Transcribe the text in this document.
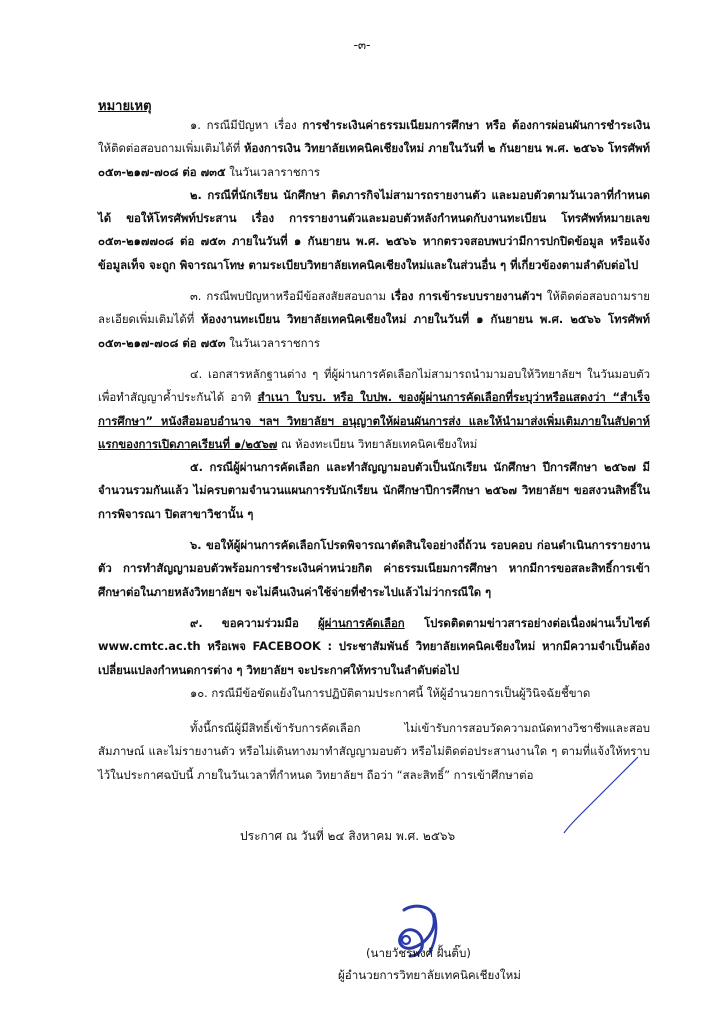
-๓-
หมายเหตุ

๑. กรณีมีปัญหา เรื่อง การชำระเงินค่าธรรมเนียมการศึกษา หรือ ต้องการผ่อนผันการชำระเงินให้ติดต่อสอบถามเพิ่มเติมได้ที่ ห้องการเงิน วิทยาลัยเทคนิคเชียงใหม่ ภายในวันที่ ๒ กันยายน พ.ศ. ๒๕๖๖ โทรศัพท์ ๐๕๓-๒๑๗-๗๐๘ ต่อ ๗๓๕ ในวันเวลาราชการ

๒. กรณีที่นักเรียน นักศึกษา ติดภารกิจไม่สามารถรายงานตัว และมอบตัวตามวันเวลาที่กำหนดได้ ขอให้โทรศัพท์ประสาน เรื่อง การรายงานตัวและมอบตัวหลังกำหนดกับงานทะเบียน โทรศัพท์หมายเลข ๐๕๓-๒๑๗๗๐๘ ต่อ ๗๕๓ ภายในวันที่ ๑ กันยายน พ.ศ. ๒๕๖๖ หากตรวจสอบพบว่ามีการปกปิดข้อมูล หรือแจ้งข้อมูลเท็จ จะถูก พิจารณาโทษ ตามระเบียบวิทยาลัยเทคนิคเชียงใหม่และในส่วนอื่น ๆ ที่เกี่ยวข้องตามลำดับต่อไป

๓. กรณีพบปัญหาหรือมีข้อสงสัยสอบถาม เรื่อง การเข้าระบบรายงานตัวฯ ให้ติดต่อสอบถามรายละเอียดเพิ่มเติมได้ที่ ห้องงานทะเบียน วิทยาลัยเทคนิคเชียงใหม่ ภายในวันที่ ๑ กันยายน พ.ศ. ๒๕๖๖ โทรศัพท์ ๐๕๓-๒๑๗-๗๐๘ ต่อ ๗๕๓ ในวันเวลาราชการ

๔. เอกสารหลักฐานต่าง ๆ ที่ผู้ผ่านการคัดเลือกไม่สามารถนำมามอบให้วิทยาลัยฯ ในวันมอบตัวเพื่อทำสัญญาค้ำประกันได้ อาทิ สำเนา ใบรบ. หรือ ใบปพ. ของผู้ผ่านการคัดเลือกที่ระบุว่าหรือแสดงว่า “สำเร็จการศึกษา” หนังสือมอบอำนาจ ฯลฯ วิทยาลัยฯ อนุญาตให้ผ่อนผันการส่ง และให้นำมาส่งเพิ่มเติมภายในสัปดาห์แรกของการเปิดภาคเรียนที่ ๑/๒๕๖๗ ณ ห้องทะเบียน วิทยาลัยเทคนิคเชียงใหม่

๕. กรณีผู้ผ่านการคัดเลือก และทำสัญญามอบตัวเป็นนักเรียน นักศึกษา ปีการศึกษา ๒๕๖๗ มีจำนวนรวมกันแล้ว ไม่ครบตามจำนวนแผนการรับนักเรียน นักศึกษาปีการศึกษา ๒๕๖๗ วิทยาลัยฯ ขอสงวนสิทธิ์ในการพิจารณา ปิดสาขาวิชานั้น ๆ

๖. ขอให้ผู้ผ่านการคัดเลือกโปรดพิจารณาตัดสินใจอย่างถี่ถ้วน รอบคอบ ก่อนดำเนินการรายงานตัว การทำสัญญามอบตัวพร้อมการชำระเงินค่าหน่วยกิต ค่าธรรมเนียมการศึกษา หากมีการขอสละสิทธิ์การเข้าศึกษาต่อในภายหลังวิทยาลัยฯ จะไม่คืนเงินค่าใช้จ่ายที่ชำระไปแล้วไม่ว่ากรณีใด ๆ

๙. ขอความร่วมมือ ผู้ผ่านการคัดเลือก โปรดติดตามข่าวสารอย่างต่อเนื่องผ่านเว็บไซต์ www.cmtc.ac.th หรือเพจ FACEBOOK : ประชาสัมพันธ์ วิทยาลัยเทคนิคเชียงใหม่ หากมีความจำเป็นต้องเปลี่ยนแปลงกำหนดการต่าง ๆ วิทยาลัยฯ จะประกาศให้ทราบในลำดับต่อไป

๑๐. กรณีมีข้อขัดแย้งในการปฏิบัติตามประกาศนี้ ให้ผู้อำนวยการเป็นผู้วินิจฉัยชี้ขาด

ทั้งนี้กรณีผู้มีสิทธิ์เข้ารับการคัดเลือก ไม่เข้ารับการสอบวัดความถนัดทางวิชาชีพและสอบสัมภาษณ์ และไม่รายงานตัว หรือไม่เดินทางมาทำสัญญามอบตัว หรือไม่ติดต่อประสานงานใด ๆ ตามที่แจ้งให้ทราบไว้ในประกาศฉบับนี้ ภายในวันเวลาที่กำหนด วิทยาลัยฯ ถือว่า “สละสิทธิ์” การเข้าศึกษาต่อ

ประกาศ ณ วันที่ ๒๔ สิงหาคม พ.ศ. ๒๕๖๖
(นายวัชรพงศ์ ฝั้นติ๊บ)
ผู้อำนวยการวิทยาลัยเทคนิคเชียงใหม่
